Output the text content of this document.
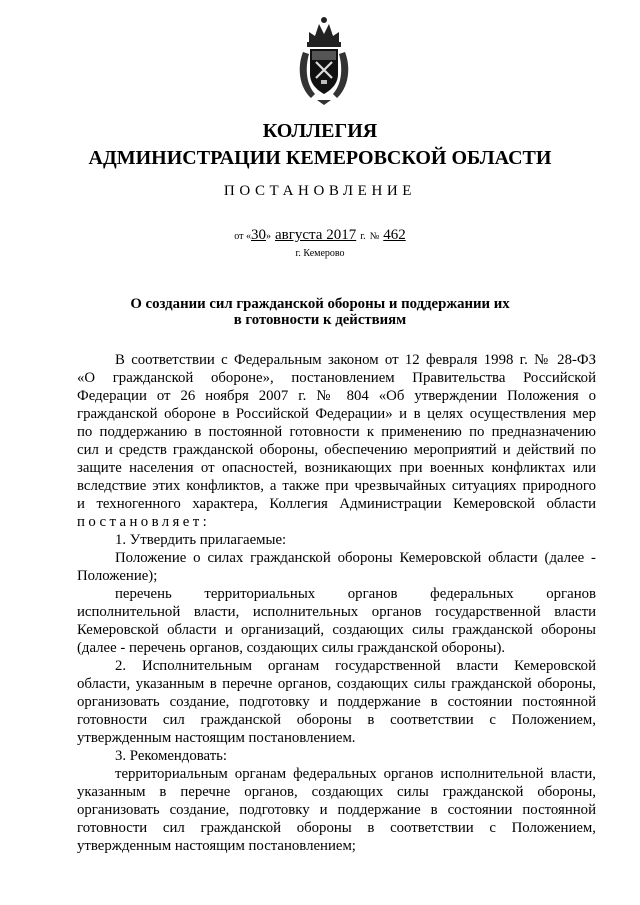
КОЛЛЕГИЯ
АДМИНИСТРАЦИИ КЕМЕРОВСКОЙ ОБЛАСТИ
ПОСТАНОВЛЕНИЕ
от «30» августа 2017 г. № 462
г. Кемерово
О создании сил гражданской обороны и поддержании их
в готовности к действиям
В соответствии с Федеральным законом от 12 февраля 1998 г. № 28-ФЗ
«О гражданской обороне», постановлением Правительства Российской
Федерации от 26 ноября 2007 г. № 804 «Об утверждении Положения о
гражданской обороне в Российской Федерации» и в целях осуществления мер
по поддержанию в постоянной готовности к применению по предназначению
сил и средств гражданской обороны, обеспечению мероприятий и действий по
защите населения от опасностей, возникающих при военных конфликтах или
вследствие этих конфликтов, а также при чрезвычайных ситуациях природного
и техногенного характера, Коллегия Администрации Кемеровской области
постановляет:
1. Утвердить прилагаемые:
Положение о силах гражданской обороны Кемеровской области (далее -
Положение);
перечень территориальных органов федеральных органов
исполнительной власти, исполнительных органов государственной власти
Кемеровской области и организаций, создающих силы гражданской обороны
(далее - перечень органов, создающих силы гражданской обороны).
2. Исполнительным органам государственной власти Кемеровской
области, указанным в перечне органов, создающих силы гражданской обороны,
организовать создание, подготовку и поддержание в состоянии постоянной
готовности сил гражданской обороны в соответствии с Положением,
утвержденным настоящим постановлением.
3. Рекомендовать:
территориальным органам федеральных органов исполнительной власти,
указанным в перечне органов, создающих силы гражданской обороны,
организовать создание, подготовку и поддержание в состоянии постоянной
готовности сил гражданской обороны в соответствии с Положением,
утвержденным настоящим постановлением;
